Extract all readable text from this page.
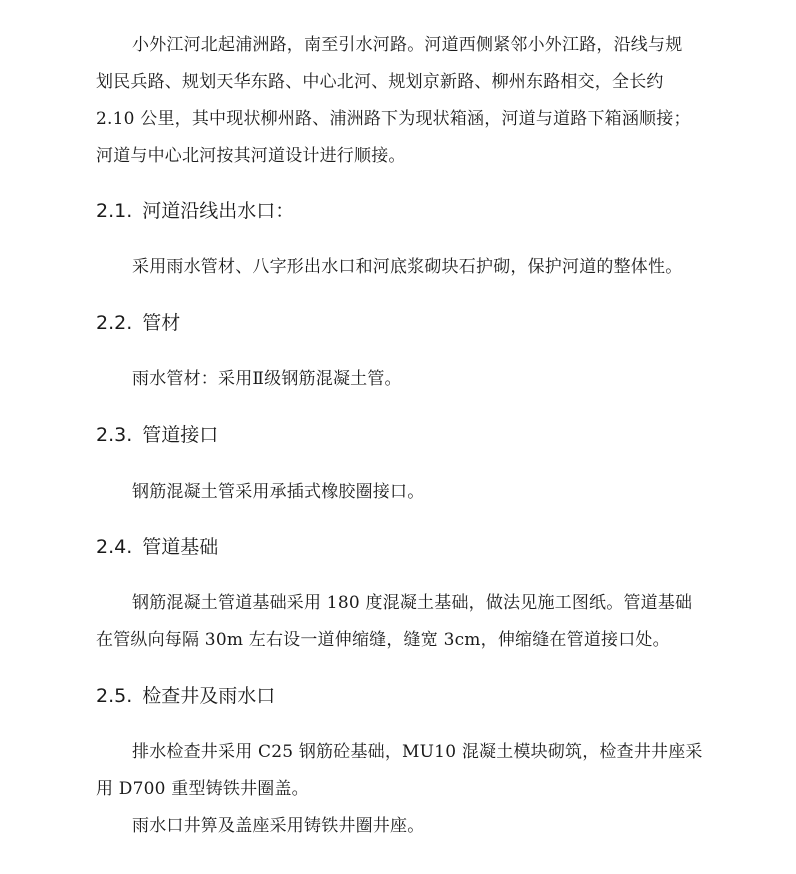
小外江河北起浦洲路，南至引水河路。河道西侧紧邻小外江路，沿线与规
划民兵路、规划天华东路、中心北河、规划京新路、柳州东路相交，全长约
2.10 公里，其中现状柳州路、浦洲路下为现状箱涵，河道与道路下箱涵顺接；
河道与中心北河按其河道设计进行顺接。
2.1. 河道沿线出水口：
采用雨水管材、八字形出水口和河底浆砌块石护砌，保护河道的整体性。
2.2. 管材
雨水管材：采用Ⅱ级钢筋混凝土管。
2.3. 管道接口
钢筋混凝土管采用承插式橡胶圈接口。
2.4. 管道基础
钢筋混凝土管道基础采用 180 度混凝土基础，做法见施工图纸。管道基础
在管纵向每隔 30m 左右设一道伸缩缝，缝宽 3cm，伸缩缝在管道接口处。
2.5. 检查井及雨水口
排水检查井采用 C25 钢筋砼基础，MU10 混凝土模块砌筑，检查井井座采
用 D700 重型铸铁井圈盖。
雨水口井箅及盖座采用铸铁井圈井座。
